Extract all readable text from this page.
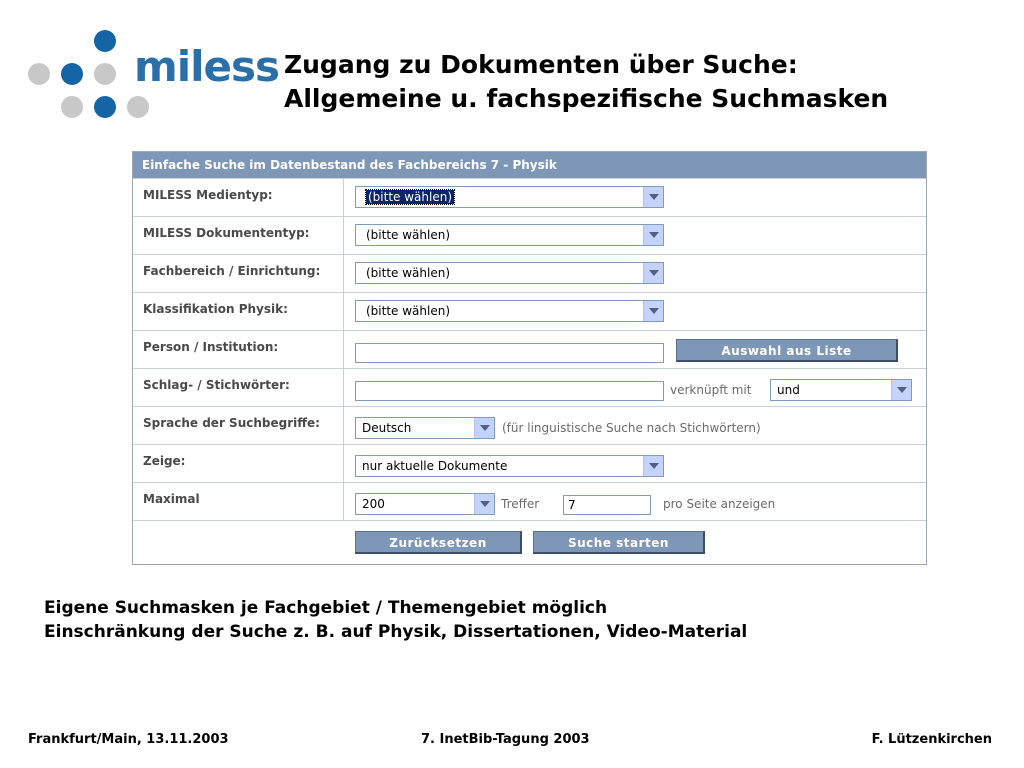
miless Zugang zu Dokumenten über Suche:
Allgemeine u. fachspezifische Suchmasken
Einfache Suche im Datenbestand des Fachbereichs 7 - Physik
MILESS Medientyp:	(bitte wählen)
MILESS Dokumententyp:	(bitte wählen)
Fachbereich / Einrichtung:	(bitte wählen)
Klassifikation Physik:	(bitte wählen)
Person / Institution:	Auswahl aus Liste
Schlag- / Stichwörter:	verknüpft mit	und
Sprache der Suchbegriffe:	Deutsch	(für linguistische Suche nach Stichwörtern)
Zeige:	nur aktuelle Dokumente
Maximal	200	Treffer	7	pro Seite anzeigen
Zurücksetzen	Suche starten
Eigene Suchmasken je Fachgebiet / Themengebiet möglich
Einschränkung der Suche z. B. auf Physik, Dissertationen, Video-Material
Frankfurt/Main, 13.11.2003	7. InetBib-Tagung 2003	F. Lützenkirchen
